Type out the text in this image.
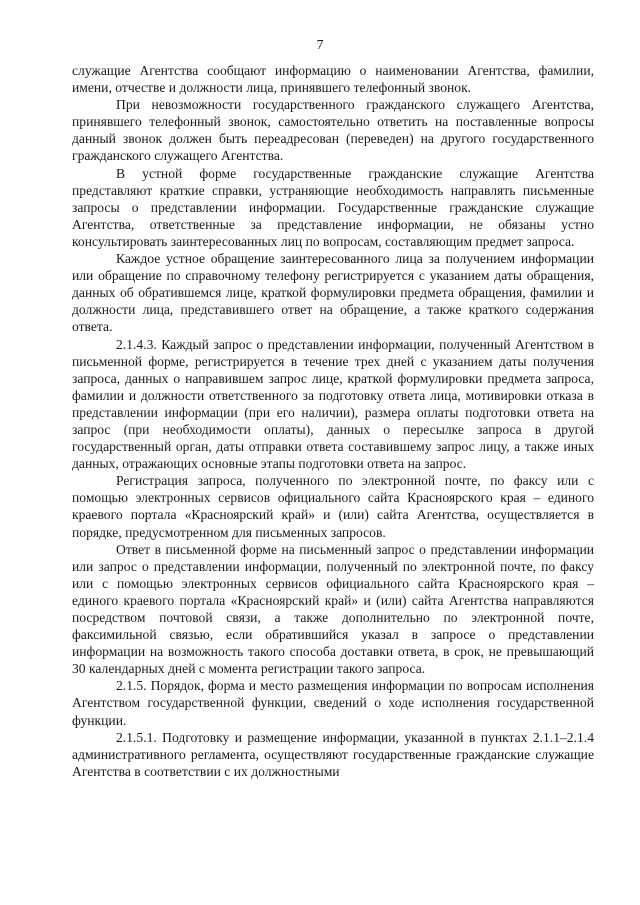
7

служащие Агентства сообщают информацию о наименовании Агентства, фамилии, имени, отчестве и должности лица, принявшего телефонный звонок.

При невозможности государственного гражданского служащего Агентства, принявшего телефонный звонок, самостоятельно ответить на поставленные вопросы данный звонок должен быть переадресован (переведен) на другого государственного гражданского служащего Агентства.

В устной форме государственные гражданские служащие Агентства представляют краткие справки, устраняющие необходимость направлять письменные запросы о представлении информации. Государственные гражданские служащие Агентства, ответственные за представление информации, не обязаны устно консультировать заинтересованных лиц по вопросам, составляющим предмет запроса.

Каждое устное обращение заинтересованного лица за получением информации или обращение по справочному телефону регистрируется с указанием даты обращения, данных об обратившемся лице, краткой формулировки предмета обращения, фамилии и должности лица, представившего ответ на обращение, а также краткого содержания ответа.

2.1.4.3. Каждый запрос о представлении информации, полученный Агентством в письменной форме, регистрируется в течение трех дней с указанием даты получения запроса, данных о направившем запрос лице, краткой формулировки предмета запроса, фамилии и должности ответственного за подготовку ответа лица, мотивировки отказа в представлении информации (при его наличии), размера оплаты подготовки ответа на запрос (при необходимости оплаты), данных о пересылке запроса в другой государственный орган, даты отправки ответа составившему запрос лицу, а также иных данных, отражающих основные этапы подготовки ответа на запрос.

Регистрация запроса, полученного по электронной почте, по факсу или с помощью электронных сервисов официального сайта Красноярского края – единого краевого портала «Красноярский край» и (или) сайта Агентства, осуществляется в порядке, предусмотренном для письменных запросов.

Ответ в письменной форме на письменный запрос о представлении информации или запрос о представлении информации, полученный по электронной почте, по факсу или с помощью электронных сервисов официального сайта Красноярского края – единого краевого портала «Красноярский край» и (или) сайта Агентства направляются посредством почтовой связи, а также дополнительно по электронной почте, факсимильной связью, если обратившийся указал в запросе о представлении информации на возможность такого способа доставки ответа, в срок, не превышающий 30 календарных дней с момента регистрации такого запроса.

2.1.5. Порядок, форма и место размещения информации по вопросам исполнения Агентством государственной функции, сведений о ходе исполнения государственной функции.

2.1.5.1. Подготовку и размещение информации, указанной в пунктах 2.1.1–2.1.4 административного регламента, осуществляют государственные гражданские служащие Агентства в соответствии с их должностными
